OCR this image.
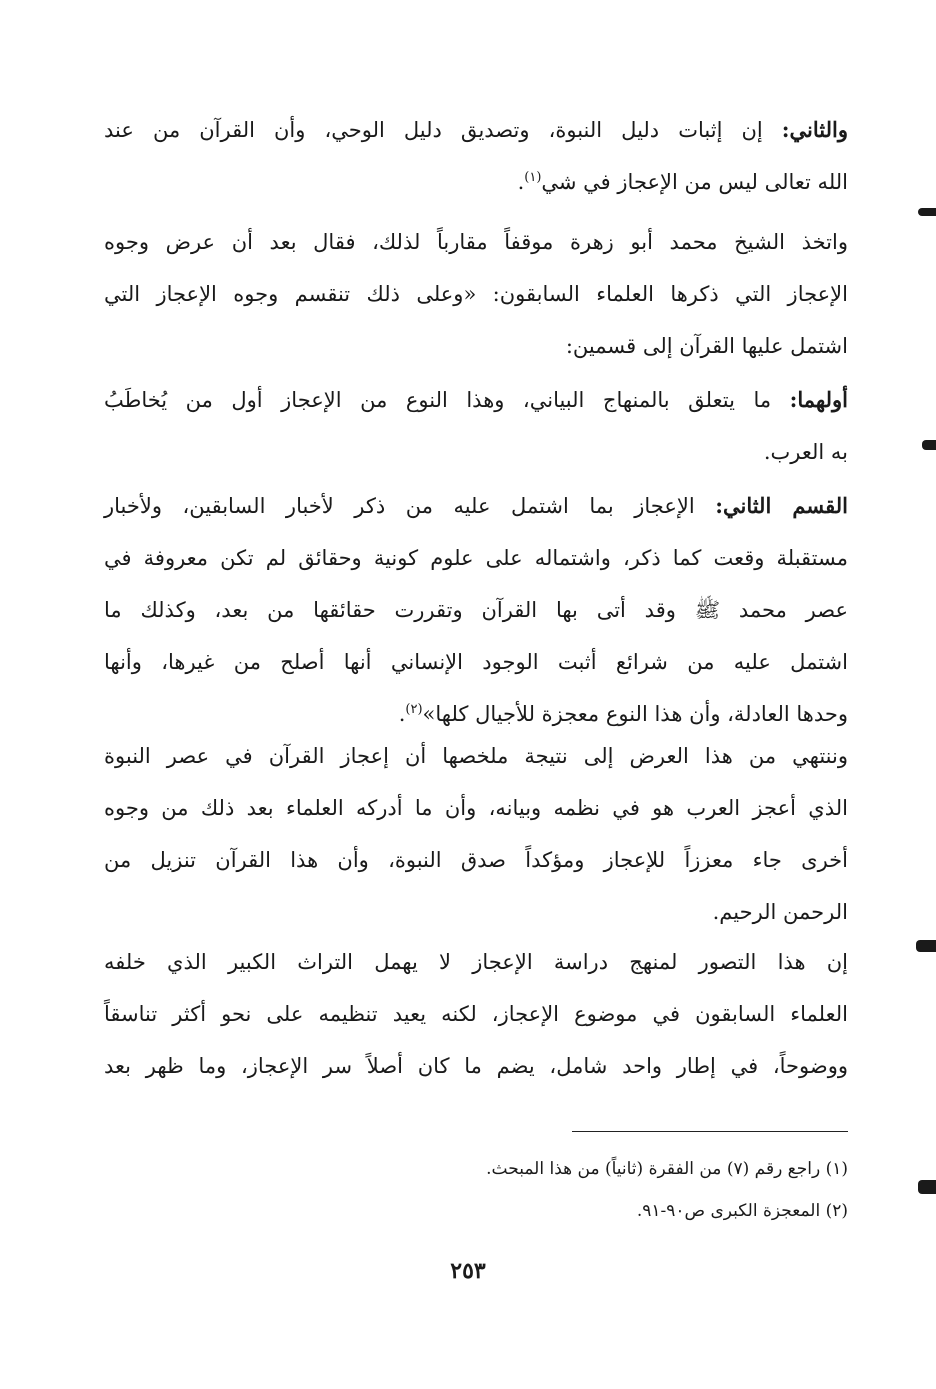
والثاني: إن إثبات دليل النبوة، وتصديق دليل الوحي، وأن القرآن من عند
الله تعالى ليس من الإعجاز في شي$^{(١)}$.
واتخذ الشيخ محمد أبو زهرة موقفاً مقارباً لذلك، فقال بعد أن عرض وجوه
الإعجاز التي ذكرها العلماء السابقون: «وعلى ذلك تنقسم وجوه الإعجاز التي
اشتمل عليها القرآن إلى قسمين:
أولهما: ما يتعلق بالمنهاج البياني، وهذا النوع من الإعجاز أول من يُخاطَبُ
به العرب.
القسم الثاني: الإعجاز بما اشتمل عليه من ذكر لأخبار السابقين، ولأخبار
مستقبلة وقعت كما ذكر، واشتماله على علوم كونية وحقائق لم تكن معروفة في
عصر محمد ﷺ وقد أتى بها القرآن وتقررت حقائقها من بعد، وكذلك ما
اشتمل عليه من شرائع أثبت الوجود الإنساني أنها أصلح من غيرها، وأنها
وحدها العادلة، وأن هذا النوع معجزة للأجيال كلها»$^{(٢)}$.
وننتهي من هذا العرض إلى نتيجة ملخصها أن إعجاز القرآن في عصر النبوة
الذي أعجز العرب هو في نظمه وبيانه، وأن ما أدركه العلماء بعد ذلك من وجوه
أخرى جاء معززاً للإعجاز ومؤكداً صدق النبوة، وأن هذا القرآن تنزيل من
الرحمن الرحيم.
إن هذا التصور لمنهج دراسة الإعجاز لا يهمل التراث الكبير الذي خلفه
العلماء السابقون في موضوع الإعجاز، لكنه يعيد تنظيمه على نحو أكثر تناسقاً
ووضوحاً، في إطار واحد شامل، يضم ما كان أصلاً سر الإعجاز، وما ظهر بعد
(١) راجع رقم (٧) من الفقرة (ثانياً) من هذا المبحث.
(٢) المعجزة الكبرى ص٩٠-٩١.
٢٥٣
